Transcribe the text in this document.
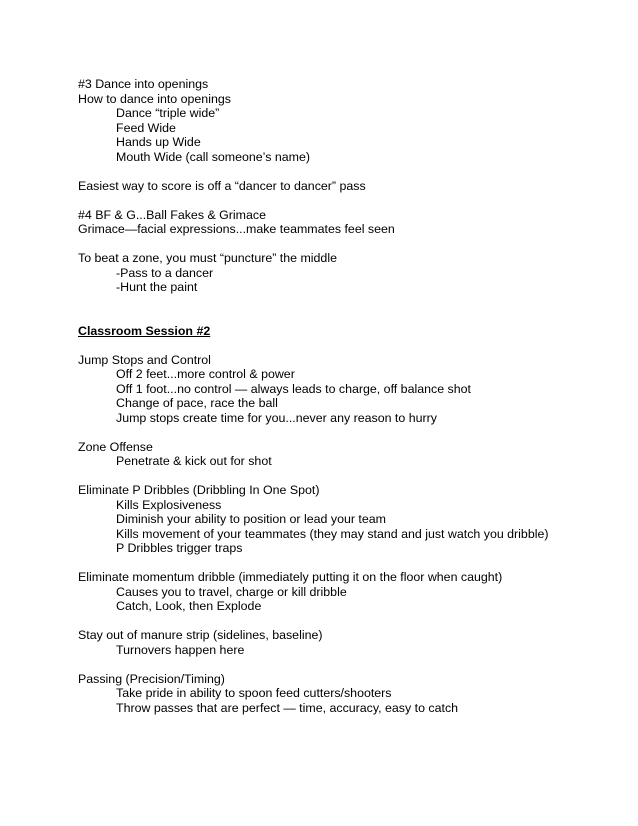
#3 Dance into openings
How to dance into openings
Dance “triple wide”
Feed Wide
Hands up Wide
Mouth Wide (call someone’s name)
Easiest way to score is off a “dancer to dancer” pass
#4 BF & G...Ball Fakes & Grimace
Grimace—facial expressions...make teammates feel seen
To beat a zone, you must “puncture” the middle
-Pass to a dancer
-Hunt the paint
Classroom Session #2
Jump Stops and Control
Off 2 feet...more control & power
Off 1 foot...no control — always leads to charge, off balance shot
Change of pace, race the ball
Jump stops create time for you...never any reason to hurry
Zone Offense
Penetrate & kick out for shot
Eliminate P Dribbles (Dribbling In One Spot)
Kills Explosiveness
Diminish your ability to position or lead your team
Kills movement of your teammates (they may stand and just watch you dribble)
P Dribbles trigger traps
Eliminate momentum dribble (immediately putting it on the floor when caught)
Causes you to travel, charge or kill dribble
Catch, Look, then Explode
Stay out of manure strip (sidelines, baseline)
Turnovers happen here
Passing (Precision/Timing)
Take pride in ability to spoon feed cutters/shooters
Throw passes that are perfect — time, accuracy, easy to catch
